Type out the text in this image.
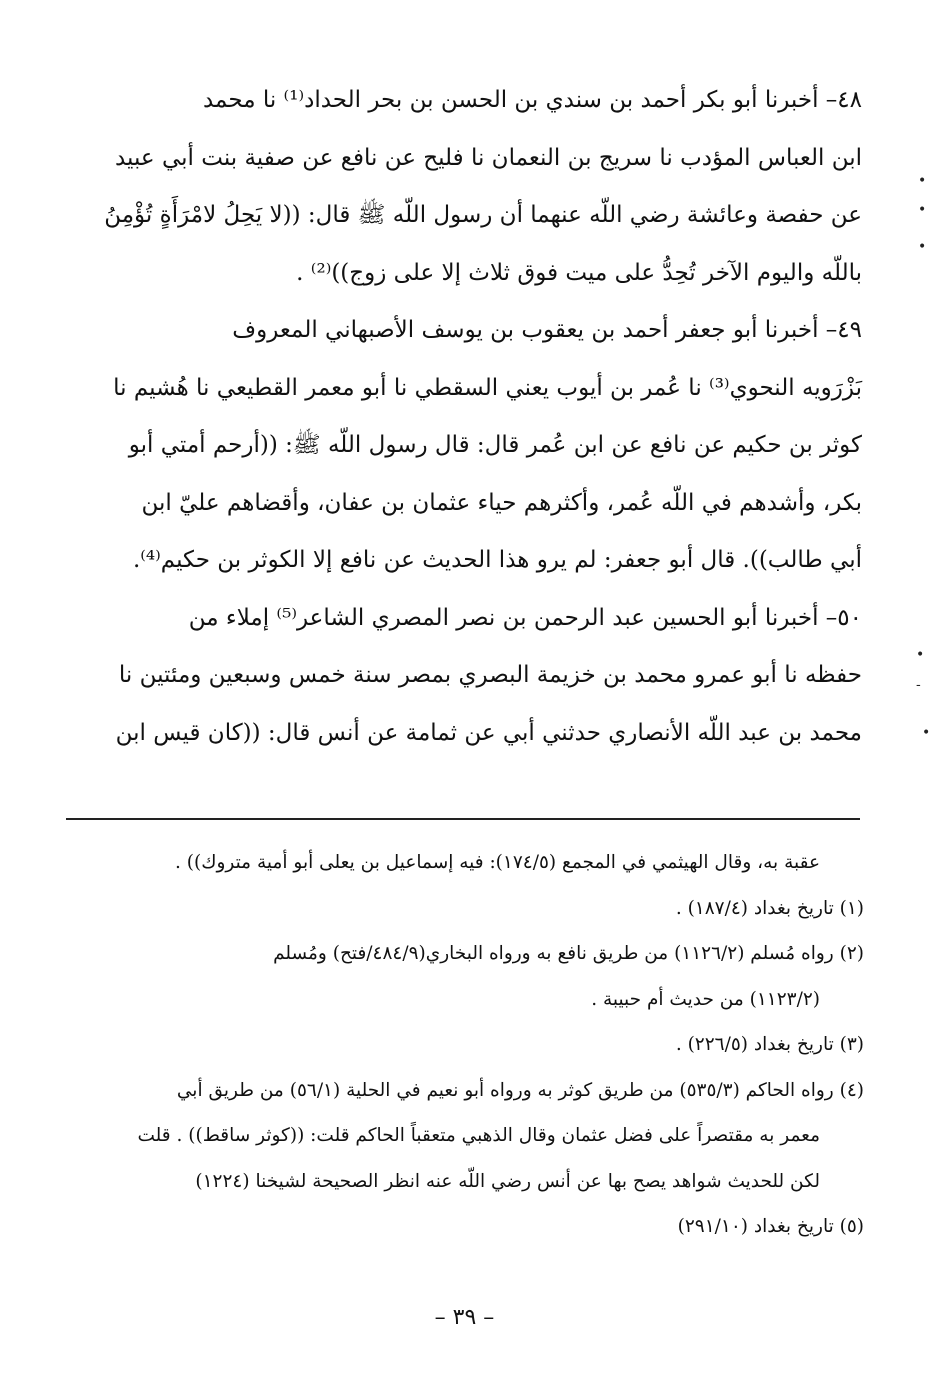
٤٨– أخبرنا أبو بكر أحمد بن سندي بن الحسن بن بحر الحداد⁽¹⁾ نا محمد
ابن العباس المؤدب نا سريج بن النعمان نا فليح عن نافع عن صفية بنت أبي عبيد
عن حفصة وعائشة رضي اللّه عنهما أن رسول اللّه ﷺ قال: ((لا يَحِلُ لامْرَأَةٍ تُؤْمِنُ
باللّه واليوم الآخر تُحِدُّ على ميت فوق ثلاث إلا على زوج))⁽²⁾ .
٤٩– أخبرنا أبو جعفر أحمد بن يعقوب بن يوسف الأصبهاني المعروف
بَزْرَويه النحوي⁽³⁾ نا عُمر بن أيوب يعني السقطي نا أبو معمر القطيعي نا هُشيم نا
كوثر بن حكيم عن نافع عن ابن عُمر قال: قال رسول اللّه ﷺ: ((أرحم أمتي أبو
بكر، وأشدهم في اللّه عُمر، وأكثرهم حياء عثمان بن عفان، وأقضاهم عليّ ابن
أبي طالب)). قال أبو جعفر: لم يرو هذا الحديث عن نافع إلا الكوثر بن حكيم⁽⁴⁾.
٥٠– أخبرنا أبو الحسين عبد الرحمن بن نصر المصري الشاعر⁽⁵⁾ إملاء من
حفظه نا أبو عمرو محمد بن خزيمة البصري بمصر سنة خمس وسبعين ومئتين نا
محمد بن عبد اللّه الأنصاري حدثني أبي عن ثمامة عن أنس قال: ((كان قيس ابن
عقبة به، وقال الهيثمي في المجمع (١٧٤/٥): فيه إسماعيل بن يعلى أبو أمية متروك)) .
(١) تاريخ بغداد (١٨٧/٤) .
(٢) رواه مُسلم (١١٢٦/٢) من طريق نافع به ورواه البخاري(٤٨٤/٩/فتح) ومُسلم
(١١٢٣/٢) من حديث أم حبيبة .
(٣) تاريخ بغداد (٢٢٦/٥) .
(٤) رواه الحاكم (٥٣٥/٣) من طريق كوثر به ورواه أبو نعيم في الحلية (٥٦/١) من طريق أبي
معمر به مقتصراً على فضل عثمان وقال الذهبي متعقباً الحاكم قلت: ((كوثر ساقط)) . قلت
لكن للحديث شواهد يصح بها عن أنس رضي اللّه عنه انظر الصحيحة لشيخنا (١٢٢٤)
(٥) تاريخ بغداد (٢٩١/١٠)
– ٣٩ –
•
•
•
•
-
•
